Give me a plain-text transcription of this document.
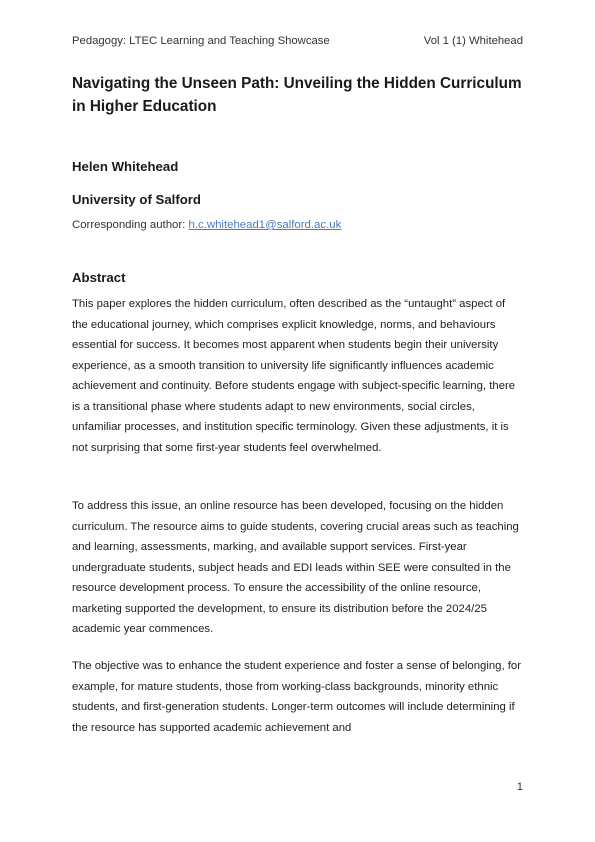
Pedagogy: LTEC Learning and Teaching Showcase	Vol 1 (1) Whitehead
Navigating the Unseen Path: Unveiling the Hidden Curriculum in Higher Education
Helen Whitehead
University of Salford
Corresponding author: h.c.whitehead1@salford.ac.uk
Abstract

This paper explores the hidden curriculum, often described as the “untaught” aspect of the educational journey, which comprises explicit knowledge, norms, and behaviours essential for success. It becomes most apparent when students begin their university experience, as a smooth transition to university life significantly influences academic achievement and continuity. Before students engage with subject-specific learning, there is a transitional phase where students adapt to new environments, social circles, unfamiliar processes, and institution specific terminology. Given these adjustments, it is not surprising that some first-year students feel overwhelmed.

To address this issue, an online resource has been developed, focusing on the hidden curriculum. The resource aims to guide students, covering crucial areas such as teaching and learning, assessments, marking, and available support services. First-year undergraduate students, subject heads and EDI leads within SEE were consulted in the resource development process. To ensure the accessibility of the online resource, marketing supported the development, to ensure its distribution before the 2024/25 academic year commences.

The objective was to enhance the student experience and foster a sense of belonging, for example, for mature students, those from working-class backgrounds, minority ethnic students, and first-generation students. Longer-term outcomes will include determining if the resource has supported academic achievement and

1
